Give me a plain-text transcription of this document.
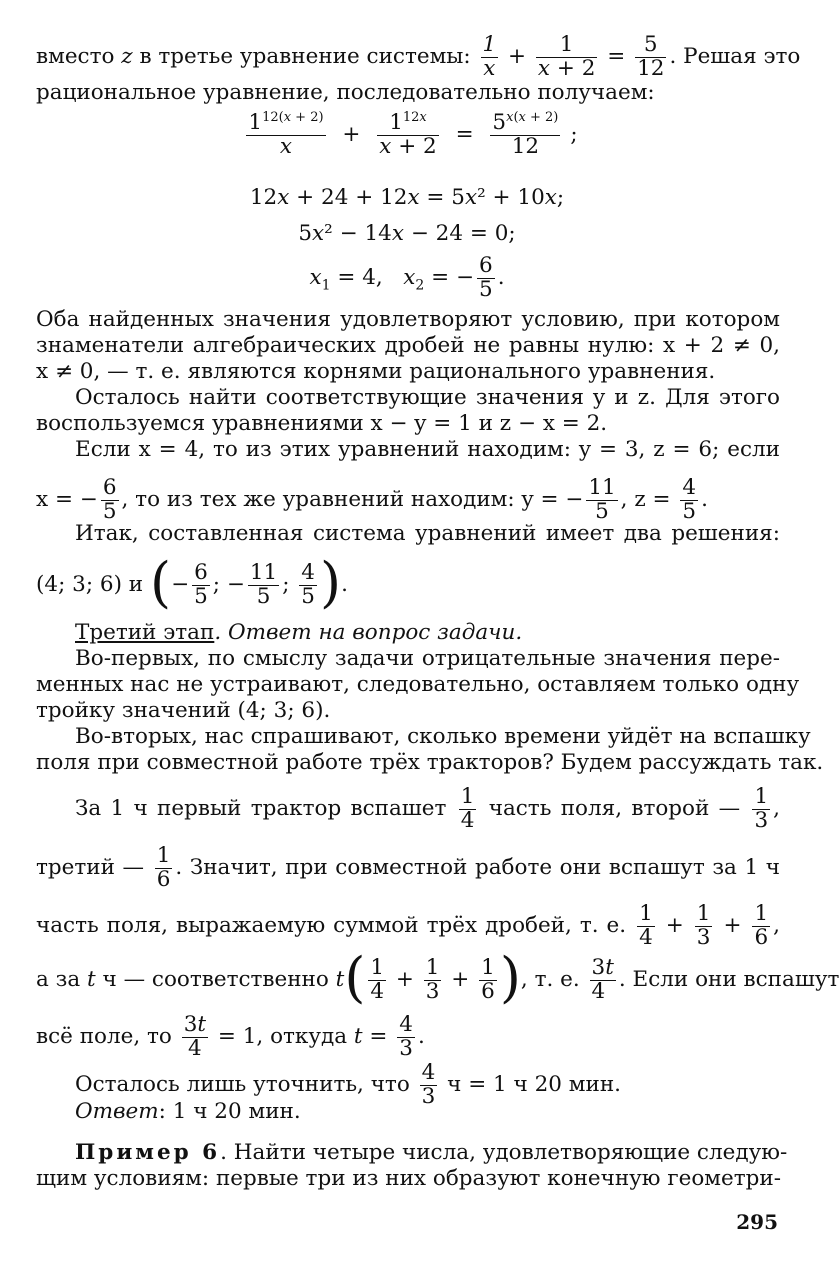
вместо z в третье уравнение системы: $\frac{1}{x} + \frac{1}{x + 2} = \frac{5}{12}$ . Решая это
рациональное уравнение, последовательно получаем:
$\frac{1^{12(x + 2)}}{x} + \frac{1^{12x}}{x + 2} = \frac{5^{x(x + 2)}}{12}$ ;
12x + 24 + 12x = 5x² + 10x;
5x² − 14x − 24 = 0;
$x_1 = 4$,   $x_2$ = − $\frac{6}{5}$ .
Оба найденных значения удовлетворяют условию, при котором
знаменатели алгебраических дробей не равны нулю: x + 2 ≠ 0,
x ≠ 0, — т. е. являются корнями рационального уравнения.
Осталось найти соответствующие значения y и z. Для этого
воспользуемся уравнениями x − y = 1 и z − x = 2.
Если x = 4, то из этих уравнений находим: y = 3, z = 6; если
x = − $\frac{6}{5}$ , то из тех же уравнений находим: y = − $\frac{11}{5}$ , $z = \frac{4}{5}$ .
Итак, составленная система уравнений имеет два решения:
(4; 3; 6) и (− $\frac{6}{5}$ ; − $\frac{11}{5}$ ; $\frac{4}{5}$ ).
Третий этап. Ответ на вопрос задачи.
Во-первых, по смыслу задачи отрицательные значения пере-
менных нас не устраивают, следовательно, оставляем только одну
тройку значений (4; 3; 6).
Во-вторых, нас спрашивают, сколько времени уйдёт на вспашку
поля при совместной работе трёх тракторов? Будем рассуждать так.
За 1 ч первый трактор вспашет $\frac{1}{4}$ часть поля, второй — $\frac{1}{3}$ ,
третий — $\frac{1}{6}$ . Значит, при совместной работе они вспашут за 1 ч
часть поля, выражаемую суммой трёх дробей, т. е. $\frac{1}{4} + \frac{1}{3} + \frac{1}{6}$ ,
а за t ч — соответственно $t( \frac{1}{4} + \frac{1}{3} + \frac{1}{6}$ ), т. е. $\frac{3t}{4}$ . Если они вспашут
всё поле, то $\frac{3t}{4} = 1$, откуда $t = \frac{4}{3}$ .
Осталось лишь уточнить, что $\frac{4}{3}$ ч = 1 ч 20 мин.
Ответ: 1 ч 20 мин.
Пример 6. Найти четыре числа, удовлетворяющие следую-
щим условиям: первые три из них образуют конечную геометри-
295
